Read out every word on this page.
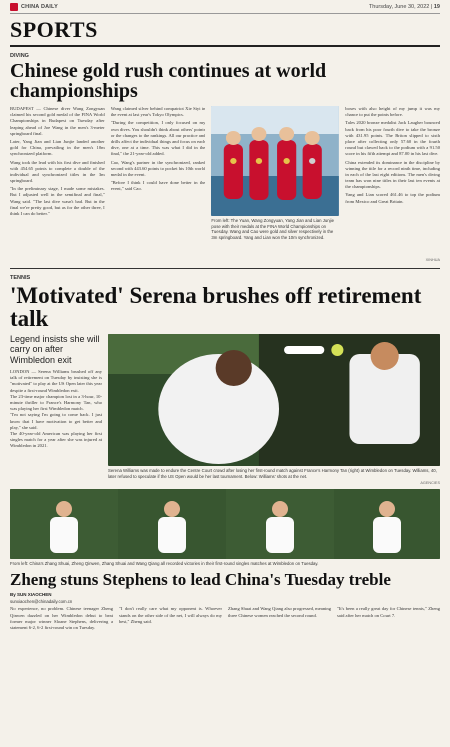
CHINA DAILY	Thursday, June 30, 2022 | 19
SPORTS
DIVING
Chinese gold rush continues at world championships

BUDAPEST — Chinese diver Wang Zongyuan claimed his second gold medal of the FINA World Championships in Budapest on Tuesday after leaping ahead of Joe Wang in the men's 3-meter springboard final.

Later, Yang Jian and Lian Junjie landed another gold for China, prevailing in the men's 10m synchronized platform.

Wang took the lead with his first dive and finished with 454.65 points to complete a double of the individual and synchronized titles in the 3m springboard.

"In the preliminary stage, I made some mistakes. But I adjusted well in the semifinal and final," Wang said. "The last dive wasn't bad. But in the final we're pretty good, but as for the other three, I think I can do better."

Wang claimed silver behind compatriot Xie Siyi in the event at last year's Tokyo Olympics.

"During the competition, I only focused on my own dives. You shouldn't think about others' points or the changes to the rankings. All our practice and drills affect the individual things and focus on each dive, one at a time. This was what I did in the final," the 21-year-old added.

Cao, Wang's partner in the synchronized, ranked second with 443.60 points to pocket his 10th world medal in the event.

"Before I think I could have done better in the event," said Cao.

From left: The Yuan, Wang Zongyuan, Yang Jian and Lian Junjie pose with their medals at the FINA World Championships on Tuesday. Wang and Cao were gold and silver respectively in the 3m springboard. Yang and Lian won the 10m synchronized.

boxes with also height of my jump it was my chance to put the points before.

Tales 2020 bronze medalist Jack Laugher bounced back from his poor fourth dive to take the bronze with 431.95 points. The Briton slipped to sixth place after collecting only 57.60 in the fourth round but clawed back to the podium with a 91.50 score in his fifth attempt and 87.00 in his last dive.

China extended its dominance in the discipline by winning the title for a record ninth time, including in each of the last eight editions. The men's diving team has won nine titles in their last ten events at the championships.

Yang and Lian scored 461.46 to top the podium from Mexico and Great Britain.

XINHUA
TENNIS
'Motivated' Serena brushes off retirement talk
Legend insists she will carry on after Wimbledon exit

LONDON — Serena Williams brushed off any talk of retirement on Tuesday by insisting she is "motivated" to play at the US Open later this year despite a first-round Wimbledon exit.

The 23-time major champion lost in a 3-hour, 10-minute thriller to France's Harmony Tan, who was playing her first Wimbledon match.

"I'm not saying I'm going to come back. I just know that I have motivation to get better and play," she said.

The 40-year-old American was playing her first singles match for a year after she was injured at Wimbledon in 2021.

Serena Williams was made to endure the Centre Court crowd after losing her first-round match against France's Harmony Tan (right) at Wimbledon on Tuesday. Williams, 40, later refused to speculate if the US Open would be her last tournament. Below: Williams' shots at the net.
AGENCIES
From left: China's Zhang Shuai, Zheng Qinwen, Zhang Shuai and Wang Qiang all recorded victories in their first-round singles matches at Wimbledon on Tuesday.
Zheng stuns Stephens to lead China's Tuesday treble
By SUN XIAOCHEN
sunxiaochen@chinadaily.com.cn

No experience, no problem. Chinese teenager Zheng Qinwen dazzled on her Wimbledon debut to beat former major winner Sloane Stephens, delivering a statement 6-2, 6-2 first-round win on Tuesday.

"I don't really care what my opponent is. Whoever stands on the other side of the net, I will always do my best," Zheng said.

Zhang Shuai and Wang Qiang also progressed, meaning three Chinese women reached the second round.

"It's been a really great day for Chinese tennis," Zheng said after her match on Court 7.
